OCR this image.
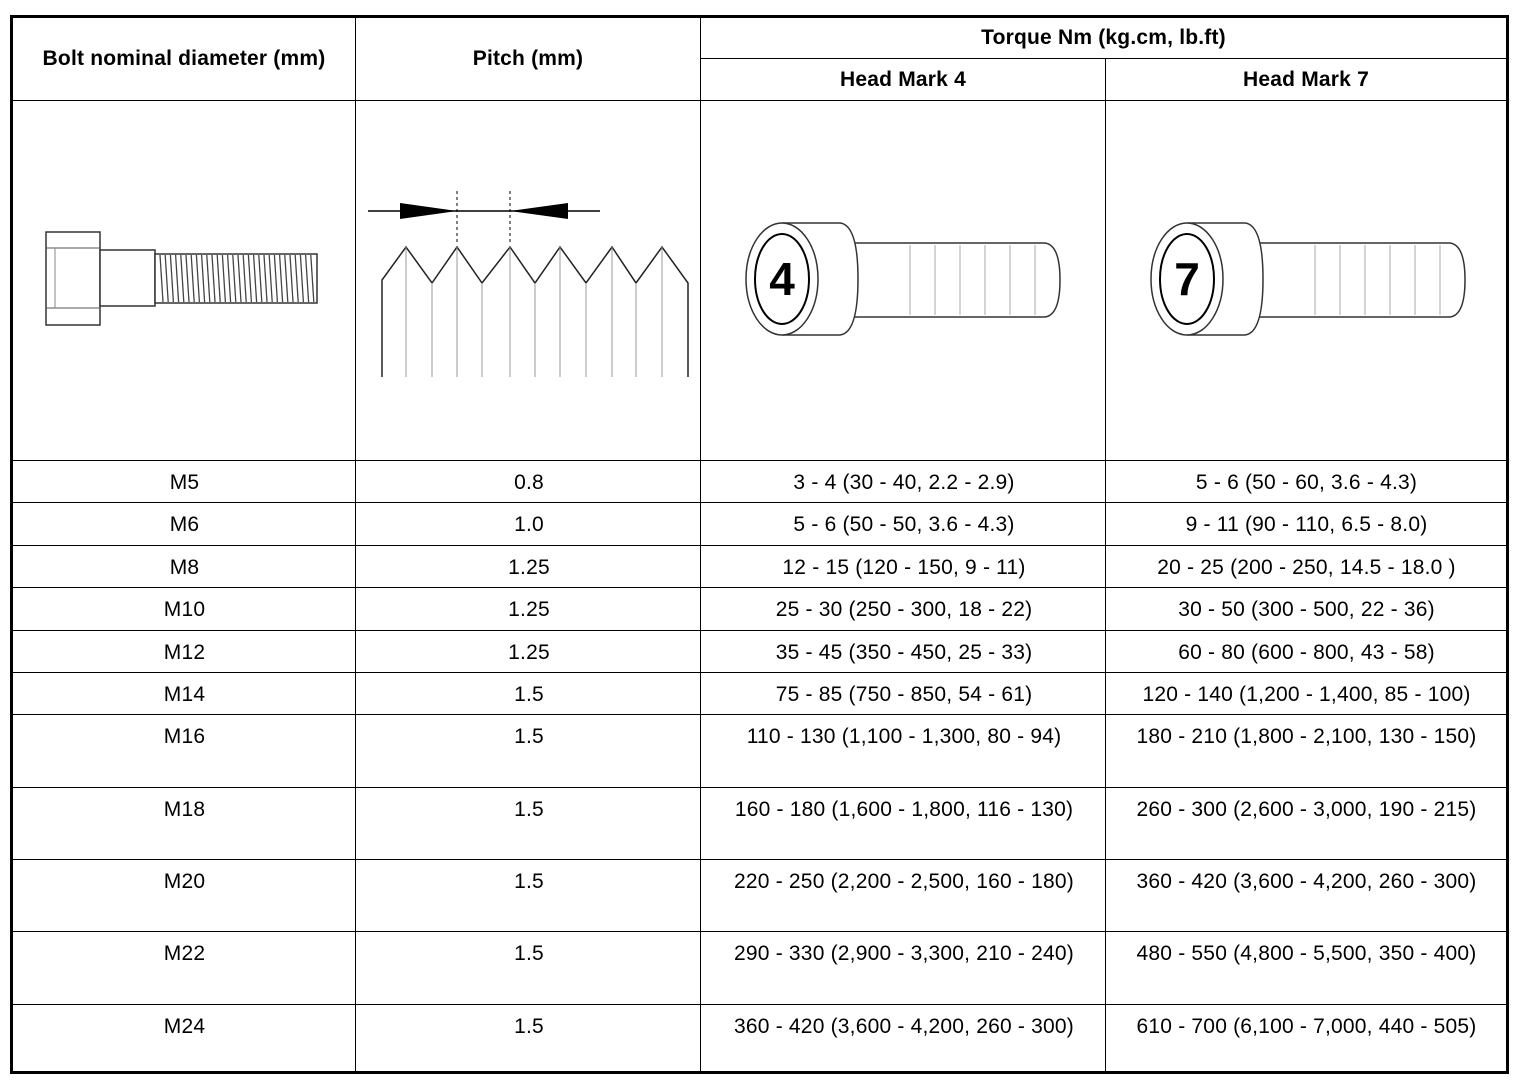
Bolt nominal diameter (mm)	Pitch (mm)
Torque Nm (kg.cm, lb.ft)
Head Mark 4	Head Mark 7
4	7
M5	0.8	3 - 4 (30 - 40, 2.2 - 2.9)	5 - 6 (50 - 60, 3.6 - 4.3)
M6	1.0	5 - 6 (50 - 50, 3.6 - 4.3)	9 - 11 (90 - 110, 6.5 - 8.0)
M8	1.25	12 - 15 (120 - 150, 9 - 11)	20 - 25 (200 - 250, 14.5 - 18.0 )
M10	1.25	25 - 30 (250 - 300, 18 - 22)	30 - 50 (300 - 500, 22 - 36)
M12	1.25	35 - 45 (350 - 450, 25 - 33)	60 - 80 (600 - 800, 43 - 58)
M14	1.5	75 - 85 (750 - 850, 54 - 61)	120 - 140 (1,200 - 1,400, 85 - 100)
M16	1.5	110 - 130 (1,100 - 1,300, 80 - 94)	180 - 210 (1,800 - 2,100, 130 - 150)
M18	1.5	160 - 180 (1,600 - 1,800, 116 - 130)	260 - 300 (2,600 - 3,000, 190 - 215)
M20	1.5	220 - 250 (2,200 - 2,500, 160 - 180)	360 - 420 (3,600 - 4,200, 260 - 300)
M22	1.5	290 - 330 (2,900 - 3,300, 210 - 240)	480 - 550 (4,800 - 5,500, 350 - 400)
M24	1.5	360 - 420 (3,600 - 4,200, 260 - 300)	610 - 700 (6,100 - 7,000, 440 - 505)
